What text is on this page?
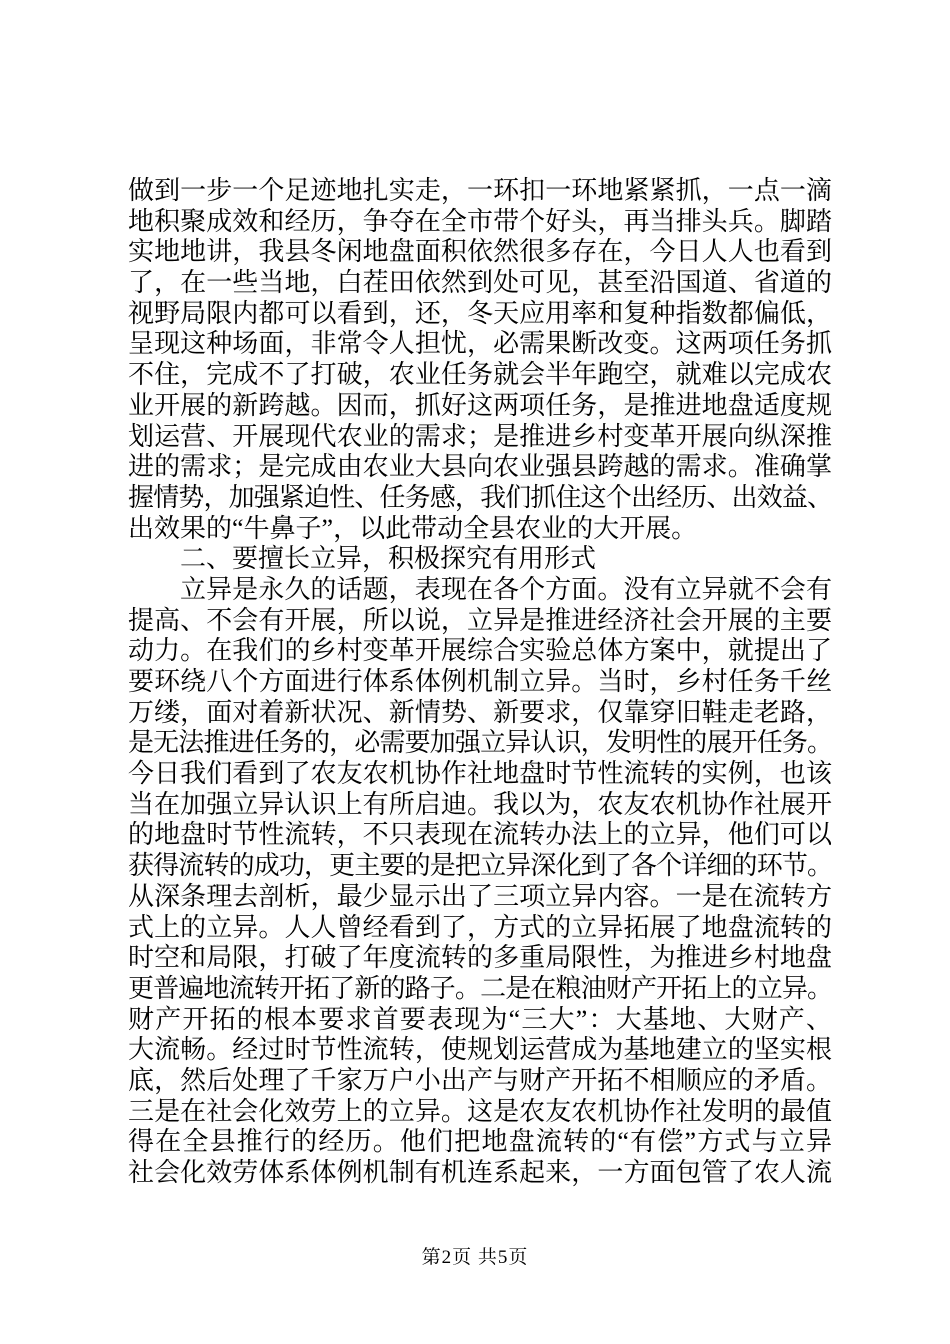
做到一步一个足迹地扎实走，一环扣一环地紧紧抓，一点一滴
地积聚成效和经历，争夺在全市带个好头，再当排头兵。脚踏
实地地讲，我县冬闲地盘面积依然很多存在，今日人人也看到
了，在一些当地，白茬田依然到处可见，甚至沿国道、省道的
视野局限内都可以看到，还，冬天应用率和复种指数都偏低，
呈现这种场面，非常令人担忧，必需果断改变。这两项任务抓
不住，完成不了打破，农业任务就会半年跑空，就难以完成农
业开展的新跨越。因而，抓好这两项任务，是推进地盘适度规
划运营、开展现代农业的需求；是推进乡村变革开展向纵深推
进的需求；是完成由农业大县向农业强县跨越的需求。准确掌
握情势，加强紧迫性、任务感，我们抓住这个出经历、出效益、
出效果的“牛鼻子”，以此带动全县农业的大开展。
二、要擅长立异，积极探究有用形式
立异是永久的话题，表现在各个方面。没有立异就不会有
提高、不会有开展，所以说，立异是推进经济社会开展的主要
动力。在我们的乡村变革开展综合实验总体方案中，就提出了
要环绕八个方面进行体系体例机制立异。当时，乡村任务千丝
万缕，面对着新状况、新情势、新要求，仅靠穿旧鞋走老路，
是无法推进任务的，必需要加强立异认识，发明性的展开任务。
今日我们看到了农友农机协作社地盘时节性流转的实例，也该
当在加强立异认识上有所启迪。我以为，农友农机协作社展开
的地盘时节性流转，不只表现在流转办法上的立异，他们可以
获得流转的成功，更主要的是把立异深化到了各个详细的环节。
从深条理去剖析，最少显示出了三项立异内容。一是在流转方
式上的立异。人人曾经看到了，方式的立异拓展了地盘流转的
时空和局限，打破了年度流转的多重局限性，为推进乡村地盘
更普遍地流转开拓了新的路子。二是在粮油财产开拓上的立异。
财产开拓的根本要求首要表现为“三大”：大基地、大财产、
大流畅。经过时节性流转，使规划运营成为基地建立的坚实根
底，然后处理了千家万户小出产与财产开拓不相顺应的矛盾。
三是在社会化效劳上的立异。这是农友农机协作社发明的最值
得在全县推行的经历。他们把地盘流转的“有偿”方式与立异
社会化效劳体系体例机制有机连系起来，一方面包管了农人流
第2页 共5页
